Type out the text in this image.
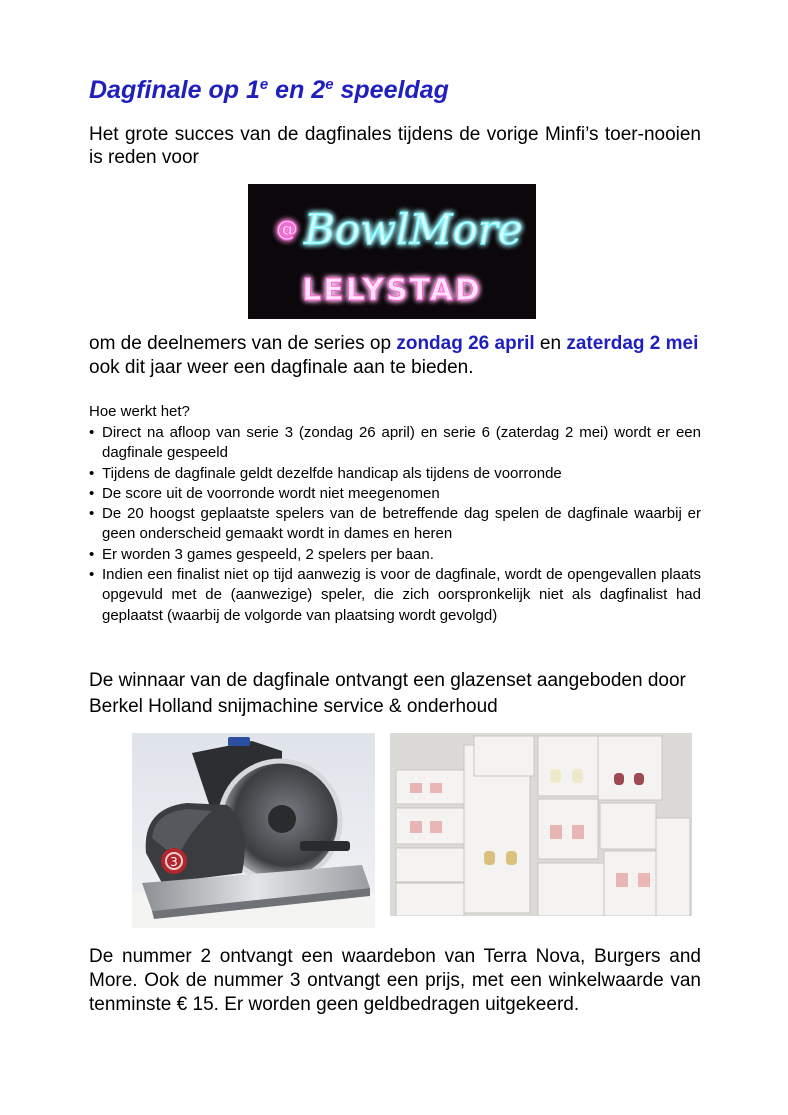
Dagfinale op 1e en 2e speeldag

Het grote succes van de dagfinales tijdens de vorige Minfi’s toer-nooien is reden voor

@ BowlMore
LELYSTAD

om de deelnemers van de series op zondag 26 april en zaterdag 2 mei ook dit jaar weer een dagfinale aan te bieden.

Hoe werkt het?

• Direct na afloop van serie 3 (zondag 26 april) en serie 6 (zaterdag 2 mei) wordt er een dagfinale gespeeld
• Tijdens de dagfinale geldt dezelfde handicap als tijdens de voorronde
• De score uit de voorronde wordt niet meegenomen
• De 20 hoogst geplaatste spelers van de betreffende dag spelen de dagfinale waarbij er geen onderscheid gemaakt wordt in dames en heren
• Er worden 3 games gespeeld, 2 spelers per baan.
• Indien een finalist niet op tijd aanwezig is voor de dagfinale, wordt de opengevallen plaats opgevuld met de (aanwezige) speler, die zich oorspronkelijk niet als dagfinalist had geplaatst (waarbij de volgorde van plaatsing wordt gevolgd)

De winnaar van de dagfinale ontvangt een glazenset aangeboden door Berkel Holland snijmachine service & onderhoud

3

De nummer 2 ontvangt een waardebon van Terra Nova, Burgers and More. Ook de nummer 3 ontvangt een prijs, met een winkelwaarde van tenminste € 15. Er worden geen geldbedragen uitgekeerd.
